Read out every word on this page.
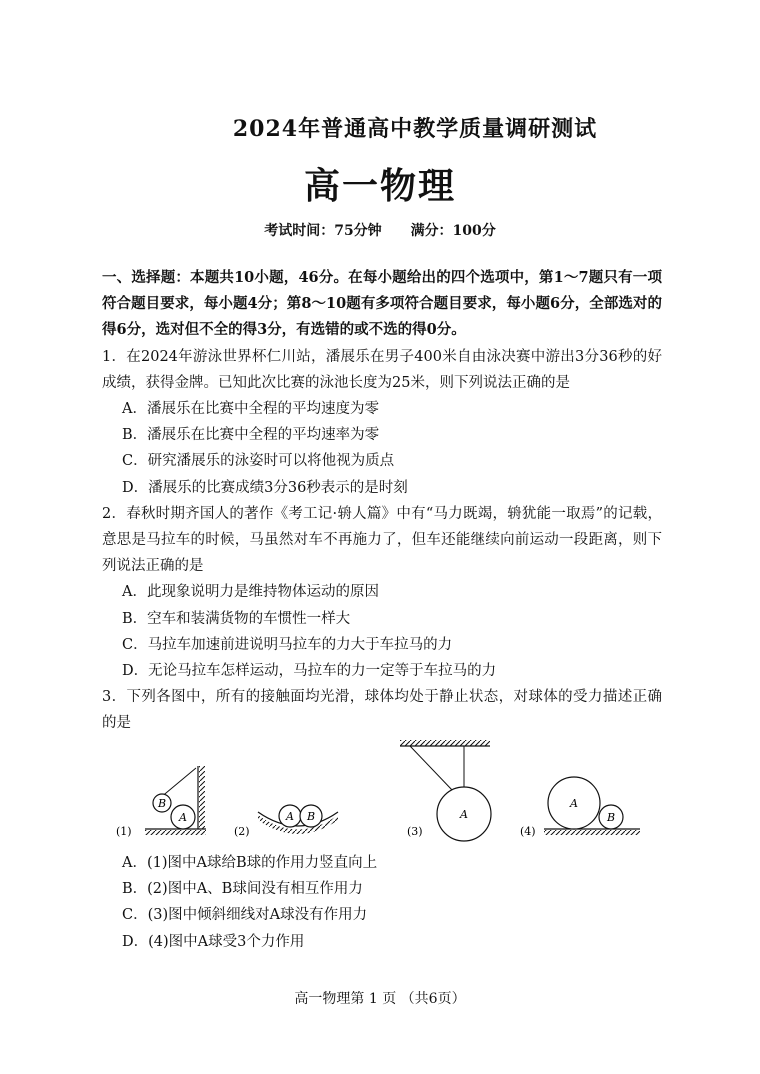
2024年普通高中教学质量调研测试
高一物理
考试时间：75分钟 满分：100分

一、选择题：本题共10小题，46分。在每小题给出的四个选项中，第1～7题只有一项符合题目要求，每小题4分；第8～10题有多项符合题目要求，每小题6分，全部选对的得6分，选对但不全的得3分，有选错的或不选的得0分。

1．在2024年游泳世界杯仁川站，潘展乐在男子400米自由泳决赛中游出3分36秒的好成绩，获得金牌。已知此次比赛的泳池长度为25米，则下列说法正确的是

A．潘展乐在比赛中全程的平均速度为零

B．潘展乐在比赛中全程的平均速率为零

C．研究潘展乐的泳姿时可以将他视为质点

D．潘展乐的比赛成绩3分36秒表示的是时刻

2．春秋时期齐国人的著作《考工记·辀人篇》中有“马力既竭，辀犹能一取焉”的记载，意思是马拉车的时候，马虽然对车不再施力了，但车还能继续向前运动一段距离，则下列说法正确的是

A．此现象说明力是维持物体运动的原因

B．空车和装满货物的车惯性一样大

C．马拉车加速前进说明马拉车的力大于车拉马的力

D．无论马拉车怎样运动，马拉车的力一定等于车拉马的力

3．下列各图中，所有的接触面均光滑，球体均处于静止状态，对球体的受力描述正确的是

A
B
(1)
A B
(2)
A
(3)
A
B
(4)

A．(1)图中A球给B球的作用力竖直向上

B．(2)图中A、B球间没有相互作用力

C．(3)图中倾斜细线对A球没有作用力

D．(4)图中A球受3个力作用

高一物理第 1 页 （共6页）
